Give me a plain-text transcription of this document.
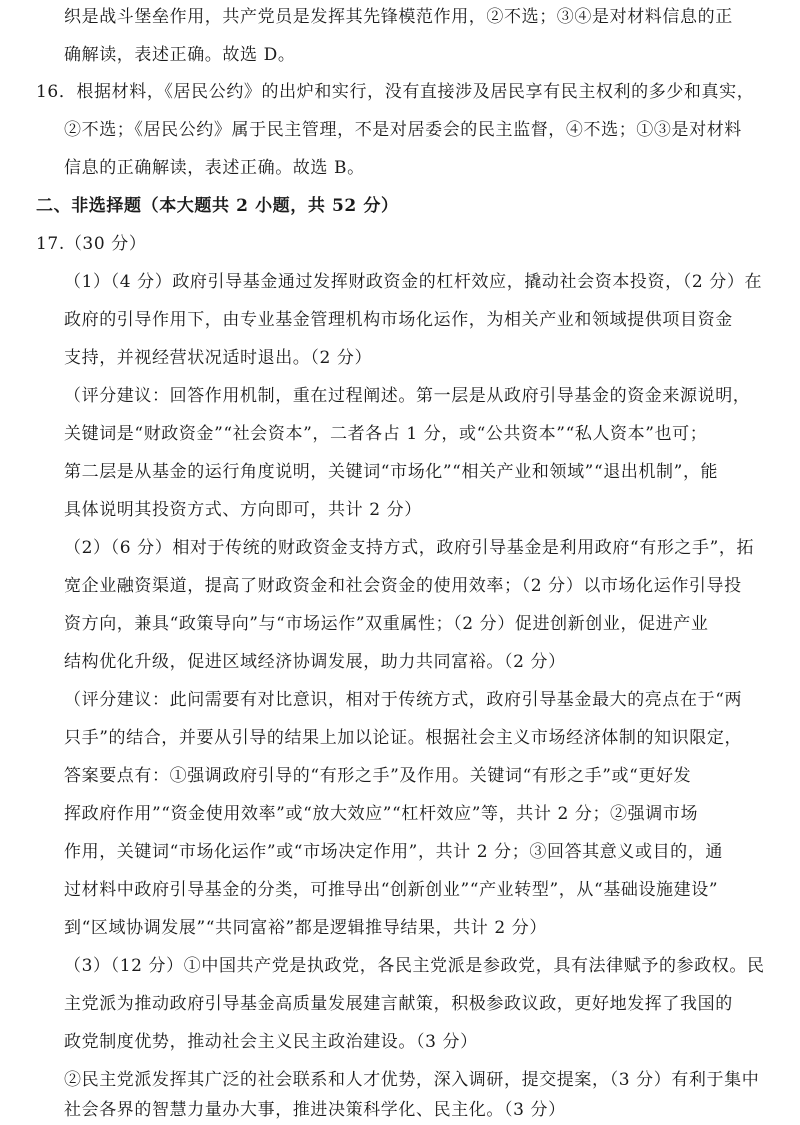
织是战斗堡垒作用，共产党员是发挥其先锋模范作用，②不选；③④是对材料信息的正
确解读，表述正确。故选 D。
16．根据材料，《居民公约》的出炉和实行，没有直接涉及居民享有民主权利的多少和真实，
②不选；《居民公约》属于民主管理，不是对居委会的民主监督，④不选；①③是对材料
信息的正确解读，表述正确。故选 B。
二、非选择题（本大题共 2 小题，共 52 分）
17.（30 分）
（1）（4 分）政府引导基金通过发挥财政资金的杠杆效应，撬动社会资本投资，（2 分）在
政府的引导作用下，由专业基金管理机构市场化运作，为相关产业和领域提供项目资金
支持，并视经营状况适时退出。（2 分）
（评分建议：回答作用机制，重在过程阐述。第一层是从政府引导基金的资金来源说明，
关键词是“财政资金”“社会资本”，二者各占 1 分，或“公共资本”“私人资本”也可；
第二层是从基金的运行角度说明，关键词“市场化”“相关产业和领域”“退出机制”，能
具体说明其投资方式、方向即可，共计 2 分）
（2）（6 分）相对于传统的财政资金支持方式，政府引导基金是利用政府“有形之手”，拓
宽企业融资渠道，提高了财政资金和社会资金的使用效率；（2 分）以市场化运作引导投
资方向，兼具“政策导向”与“市场运作”双重属性；（2 分）促进创新创业，促进产业
结构优化升级，促进区域经济协调发展，助力共同富裕。（2 分）
（评分建议：此问需要有对比意识，相对于传统方式，政府引导基金最大的亮点在于“两
只手”的结合，并要从引导的结果上加以论证。根据社会主义市场经济体制的知识限定，
答案要点有：①强调政府引导的“有形之手”及作用。关键词“有形之手”或“更好发
挥政府作用”“资金使用效率”或“放大效应”“杠杆效应”等，共计 2 分；②强调市场
作用，关键词“市场化运作”或“市场决定作用”，共计 2 分；③回答其意义或目的，通
过材料中政府引导基金的分类，可推导出“创新创业”“产业转型”，从“基础设施建设”
到“区域协调发展”“共同富裕”都是逻辑推导结果，共计 2 分）
（3）（12 分）①中国共产党是执政党，各民主党派是参政党，具有法律赋予的参政权。民
主党派为推动政府引导基金高质量发展建言献策，积极参政议政，更好地发挥了我国的
政党制度优势，推动社会主义民主政治建设。（3 分）
②民主党派发挥其广泛的社会联系和人才优势，深入调研，提交提案，（3 分）有利于集中
社会各界的智慧力量办大事，推进决策科学化、民主化。（3 分）
